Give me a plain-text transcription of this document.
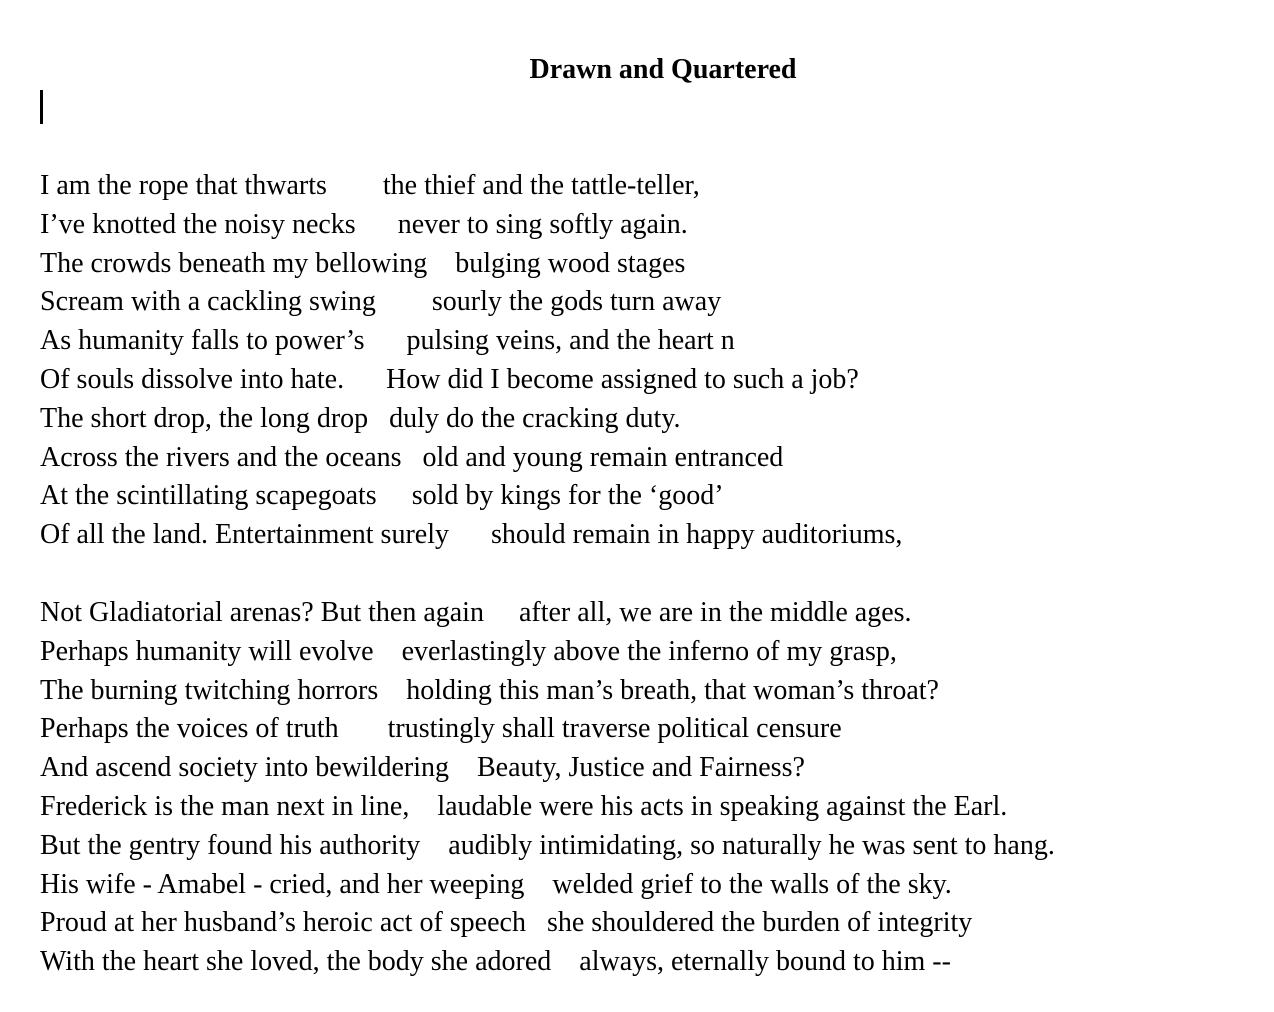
Drawn and Quartered
I am the rope that thwarts        the thief and the tattle-teller,
I’ve knotted the noisy necks      never to sing softly again.
The crowds beneath my bellowing    bulging wood stages
Scream with a cackling swing        sourly the gods turn away
As humanity falls to power’s      pulsing veins, and the heart n
Of souls dissolve into hate.      How did I become assigned to such a job?
The short drop, the long drop   duly do the cracking duty.
Across the rivers and the oceans   old and young remain entranced
At the scintillating scapegoats     sold by kings for the ‘good’
Of all the land. Entertainment surely      should remain in happy auditoriums,
Not Gladiatorial arenas? But then again     after all, we are in the middle ages.
Perhaps humanity will evolve    everlastingly above the inferno of my grasp,
The burning twitching horrors    holding this man’s breath, that woman’s throat?
Perhaps the voices of truth       trustingly shall traverse political censure
And ascend society into bewildering    Beauty, Justice and Fairness?
Frederick is the man next in line,    laudable were his acts in speaking against the Earl.
But the gentry found his authority    audibly intimidating, so naturally he was sent to hang.
His wife - Amabel - cried, and her weeping    welded grief to the walls of the sky.
Proud at her husband’s heroic act of speech   she shouldered the burden of integrity
With the heart she loved, the body she adored    always, eternally bound to him --
